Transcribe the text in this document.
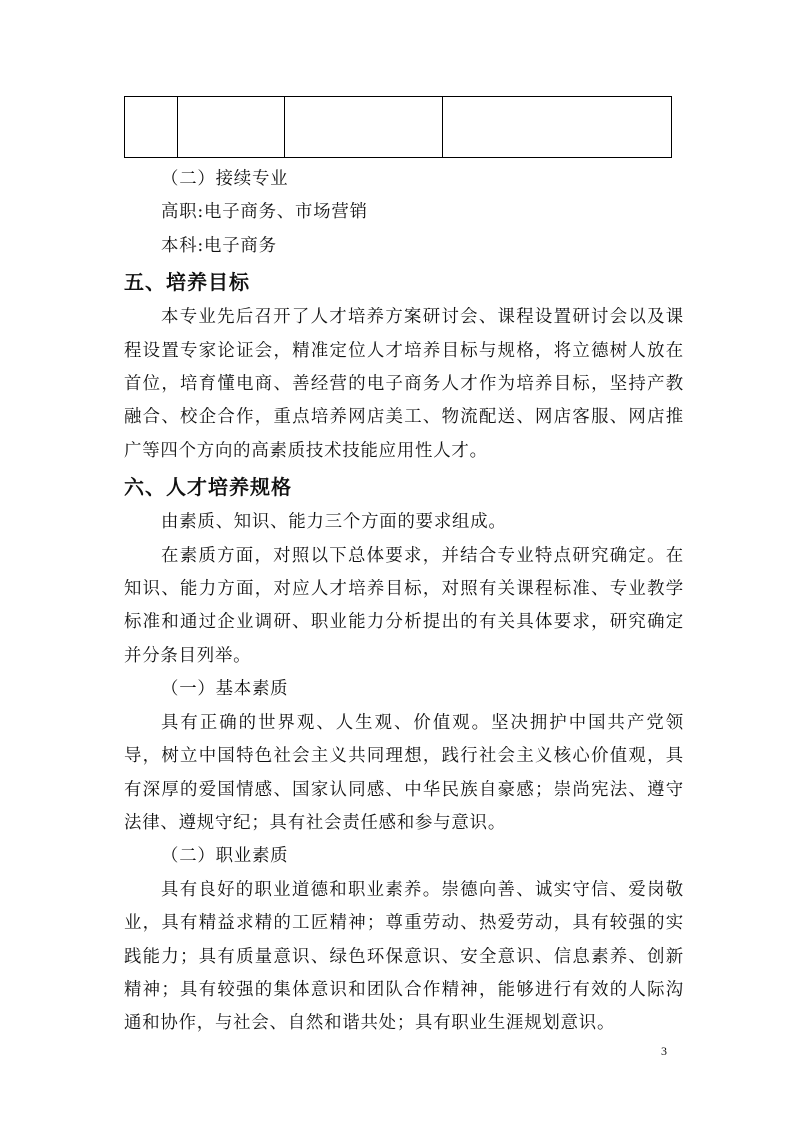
（二）接续专业

高职:电子商务、市场营销

本科:电子商务

五、培养目标

本专业先后召开了人才培养方案研讨会、课程设置研讨会以及课程设置专家论证会，精准定位人才培养目标与规格，将立德树人放在首位，培育懂电商、善经营的电子商务人才作为培养目标，坚持产教融合、校企合作，重点培养网店美工、物流配送、网店客服、网店推广等四个方向的高素质技术技能应用性人才。

六、人才培养规格

由素质、知识、能力三个方面的要求组成。

在素质方面，对照以下总体要求，并结合专业特点研究确定。在知识、能力方面，对应人才培养目标，对照有关课程标准、专业教学标准和通过企业调研、职业能力分析提出的有关具体要求，研究确定并分条目列举。

（一）基本素质

具有正确的世界观、人生观、价值观。坚决拥护中国共产党领导，树立中国特色社会主义共同理想，践行社会主义核心价值观，具有深厚的爱国情感、国家认同感、中华民族自豪感；崇尚宪法、遵守法律、遵规守纪；具有社会责任感和参与意识。

（二）职业素质

具有良好的职业道德和职业素养。崇德向善、诚实守信、爱岗敬业，具有精益求精的工匠精神；尊重劳动、热爱劳动，具有较强的实践能力；具有质量意识、绿色环保意识、安全意识、信息素养、创新精神；具有较强的集体意识和团队合作精神，能够进行有效的人际沟通和协作，与社会、自然和谐共处；具有职业生涯规划意识。

3
